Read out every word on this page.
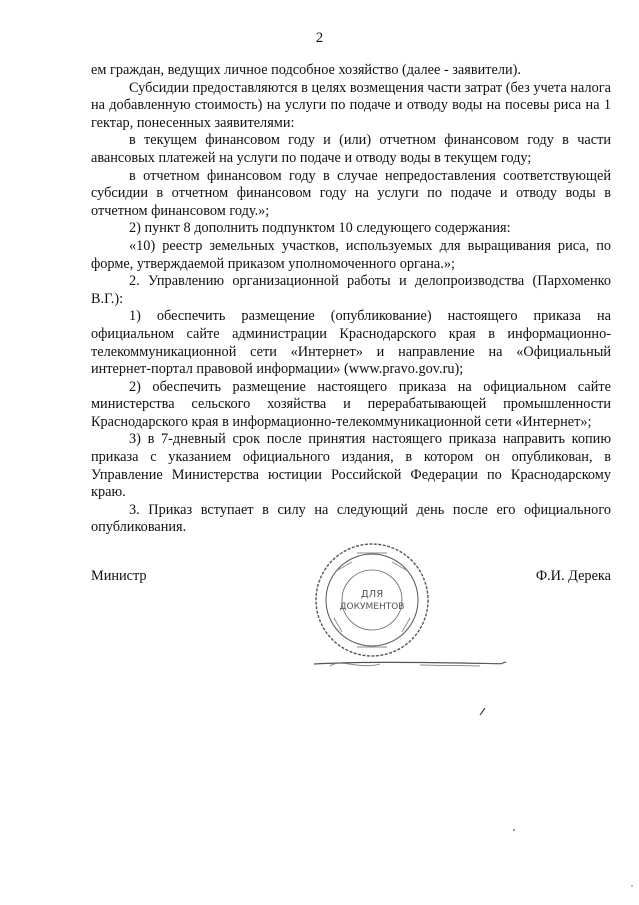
2

ем граждан, ведущих личное подсобное хозяйство (далее - заявители).

Субсидии предоставляются в целях возмещения части затрат (без учета налога на добавленную стоимость) на услуги по подаче и отводу воды на посевы риса на 1 гектар, понесенных заявителями:

в текущем финансовом году и (или) отчетном финансовом году в части авансовых платежей на услуги по подаче и отводу воды в текущем году;

в отчетном финансовом году в случае непредоставления соответствующей субсидии в отчетном финансовом году на услуги по подаче и отводу воды в отчетном финансовом году.»;

2) пункт 8 дополнить подпунктом 10 следующего содержания:

«10) реестр земельных участков, используемых для выращивания риса, по форме, утверждаемой приказом уполномоченного органа.»;

2. Управлению организационной работы и делопроизводства (Пархоменко В.Г.):

1) обеспечить размещение (опубликование) настоящего приказа на официальном сайте администрации Краснодарского края в информационно-телекоммуникационной сети «Интернет» и направление на «Официальный интернет-портал правовой информации» (www.pravo.gov.ru);

2) обеспечить размещение настоящего приказа на официальном сайте министерства сельского хозяйства и перерабатывающей промышленности Краснодарского края в информационно-телекоммуникационной сети «Интернет»;

3) в 7-дневный срок после принятия настоящего приказа направить копию приказа с указанием официального издания, в котором он опубликован, в Управление Министерства юстиции Российской Федерации по Краснодарскому краю.

3. Приказ вступает в силу на следующий день после его официального опубликования.

Министр	Ф.И. Дерека
ДЛЯ
ДОКУМЕНТОВ
